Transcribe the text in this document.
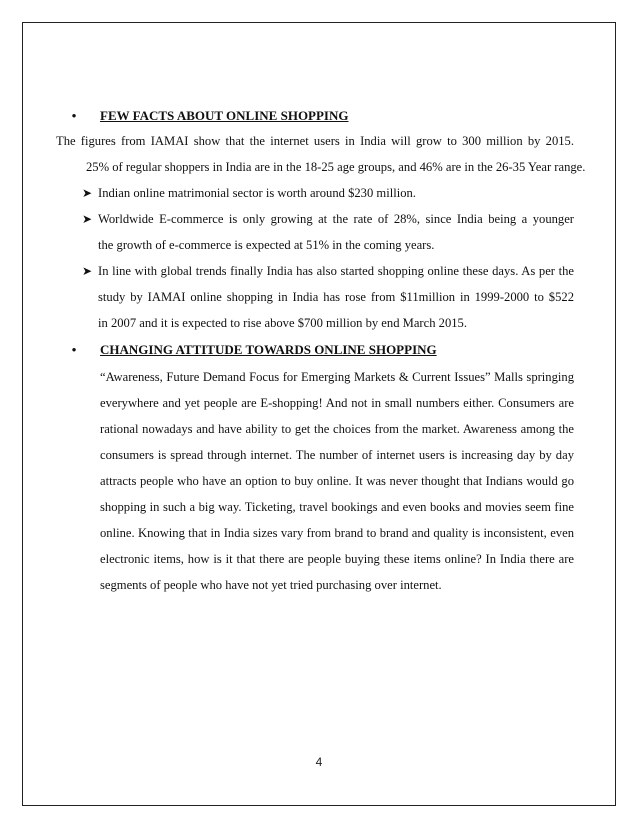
•	FEW FACTS ABOUT ONLINE SHOPPING

The figures from IAMAI show that the internet users in India will grow to 300 million by 2015.
25% of regular shoppers in India are in the 18-25 age groups, and 46% are in the 26-35 Year range.
➤ Indian online matrimonial sector is worth around $230 million.
➤ Worldwide E-commerce is only growing at the rate of 28%, since India being a younger
the growth of e-commerce is expected at 51% in the coming years.
➤ In line with global trends finally India has also started shopping online these days. As per the
study by IAMAI online shopping in India has rose from $11million in 1999-2000 to $522
in 2007 and it is expected to rise above $700 million by end March 2015.

•	CHANGING ATTITUDE TOWARDS ONLINE SHOPPING

“Awareness, Future Demand Focus for Emerging Markets & Current Issues” Malls springing
everywhere and yet people are E-shopping! And not in small numbers either. Consumers are
rational nowadays and have ability to get the choices from the market. Awareness among the
consumers is spread through internet. The number of internet users is increasing day by day
attracts people who have an option to buy online. It was never thought that Indians would go
shopping in such a big way. Ticketing, travel bookings and even books and movies seem fine
online. Knowing that in India sizes vary from brand to brand and quality is inconsistent, even
electronic items, how is it that there are people buying these items online? In India there are
segments of people who have not yet tried purchasing over internet.
4
